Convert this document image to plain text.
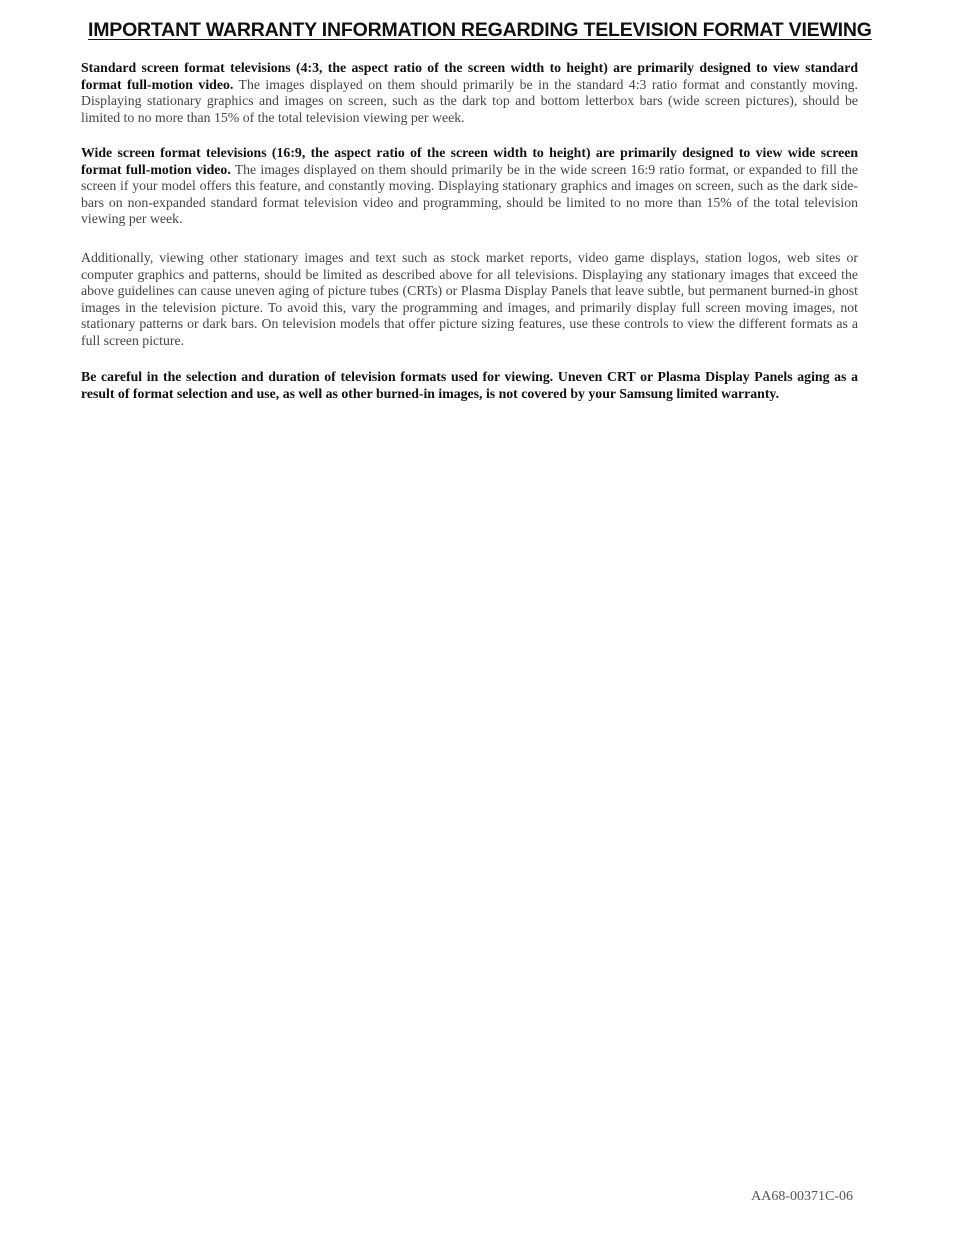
IMPORTANT WARRANTY INFORMATION REGARDING TELEVISION FORMAT VIEWING

Standard screen format televisions (4:3, the aspect ratio of the screen width to height) are primarily designed to view standard format full-motion video. The images displayed on them should primarily be in the standard 4:3 ratio format and constantly moving. Displaying stationary graphics and images on screen, such as the dark top and bottom letterbox bars (wide screen pictures), should be limited to no more than 15% of the total television viewing per week.

Wide screen format televisions (16:9, the aspect ratio of the screen width to height) are primarily designed to view wide screen format full-motion video. The images displayed on them should primarily be in the wide screen 16:9 ratio format, or expanded to fill the screen if your model offers this feature, and constantly moving. Displaying stationary graphics and images on screen, such as the dark side-bars on non-expanded standard format television video and programming, should be limited to no more than 15% of the total television viewing per week.

Additionally, viewing other stationary images and text such as stock market reports, video game displays, station logos, web sites or computer graphics and patterns, should be limited as described above for all televisions. Displaying any stationary images that exceed the above guidelines can cause uneven aging of picture tubes (CRTs) or Plasma Display Panels that leave subtle, but permanent burned-in ghost images in the television picture. To avoid this, vary the programming and images, and primarily display full screen moving images, not stationary patterns or dark bars. On television models that offer picture sizing features, use these controls to view the different formats as a full screen picture.

Be careful in the selection and duration of television formats used for viewing. Uneven CRT or Plasma Display Panels aging as a result of format selection and use, as well as other burned-in images, is not covered by your Samsung limited warranty.

AA68-00371C-06
